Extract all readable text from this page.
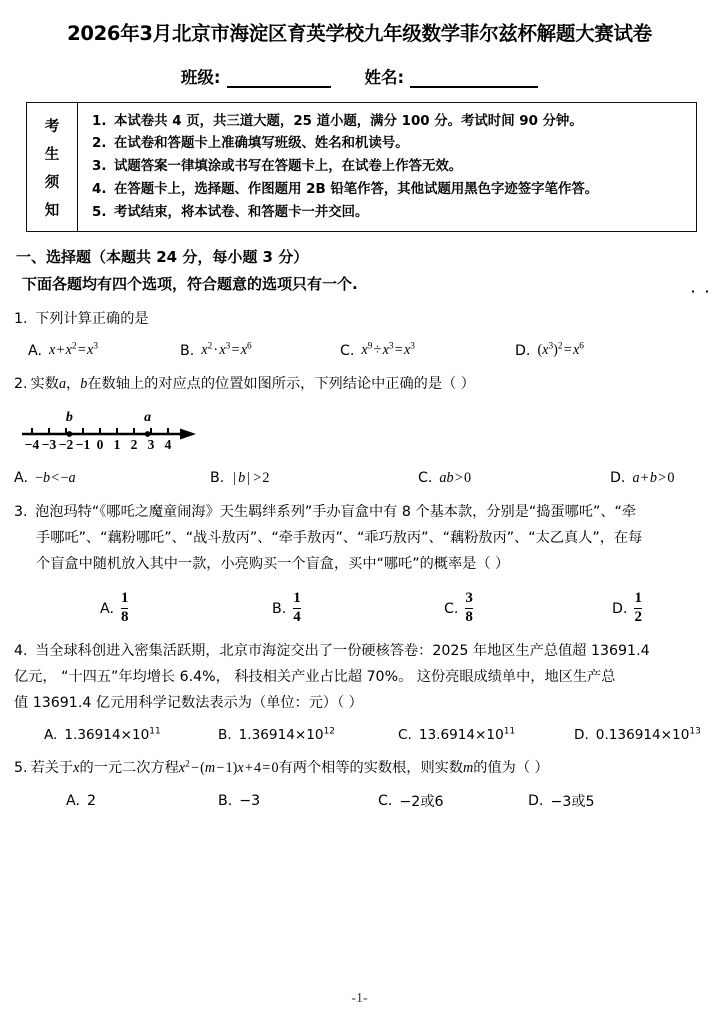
2026年3月北京市海淀区育英学校九年级数学菲尔兹杯解题大赛试卷
班级:	姓名:
考
生
须
知
1. 本试卷共 4 页，共三道大题，25 道小题，满分 100 分。考试时间 90 分钟。
2. 在试卷和答题卡上准确填写班级、姓名和机读号。
3. 试题答案一律填涂或书写在答题卡上，在试卷上作答无效。
4. 在答题卡上，选择题、作图题用 2B 铅笔作答，其他试题用黑色字迹签字笔作答。
5. 考试结束，将本试卷、和答题卡一并交回。
一、选择题（本题共 24 分，每小题 3 分）
下面各题均有四个选项，符合题意的选项只有一个.	· ·
1. 下列计算正确的是
A. x + $x^2$ = $x^3$	B. $x^2$ · $x^3$ = $x^6$	C. $x^9$ ÷ $x^3$ = $x^3$	D. $(x^3)^2$ = $x^6$
2. 实数a，b在数轴上的对应点的位置如图所示，下列结论中正确的是（ ）
b	a
−4 −3 −2 −1 0 1 2 3 4
A. −b < −a	B. | b | > 2	C. ab > 0	D. a + b > 0
3. 泡泡玛特“《哪吒之魔童闹海》天生羁绊系列”手办盲盒中有 8 个基本款，分别是“捣蛋哪吒”、“牵
手哪吒”、“藕粉哪吒”、“战斗敖丙”、“牵手敖丙”、“乖巧敖丙”、“藕粉敖丙”、“太乙真人”，在每
个盲盒中随机放入其中一款，小亮购买一个盲盒，买中“哪吒”的概率是（ ）
A. $\frac{1}{8}$	B. $\frac{1}{4}$	C. $\frac{3}{8}$	D. $\frac{1}{2}$
4. 当全球科创进入密集活跃期，北京市海淀交出了一份硬核答卷：2025 年地区生产总值超 13691.4
亿元， “十四五”年均增长 6.4%， 科技相关产业占比超 70%。 这份亮眼成绩单中，地区生产总
值 13691.4 亿元用科学记数法表示为（单位：元）（ ）
A. $1.36914\times 10^{11}$	B. $1.36914\times 10^{12}$	C. $13.6914\times 10^{11}$	D. $0.136914\times 10^{13}$
5. 若关于x的一元二次方程$x^2$ − (m − 1)x + 4 = 0有两个相等的实数根，则实数m的值为（ ）
A. 2	B. −3	C. −2或6	D. −3或5
-1-
